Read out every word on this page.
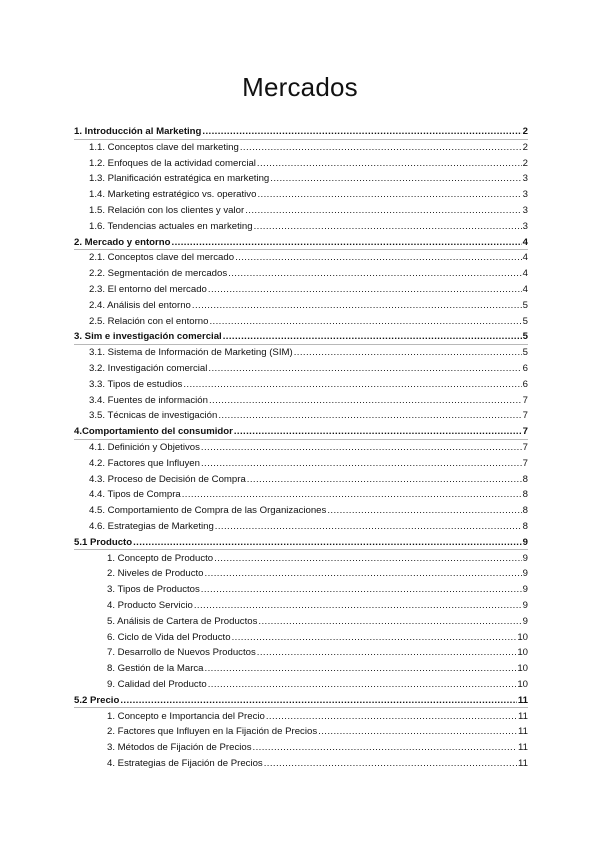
Mercados
1. Introducción al Marketing .....	2
1.1. Conceptos clave del marketing .....	2
1.2. Enfoques de la actividad comercial .....	2
1.3. Planificación estratégica en marketing .....	3
1.4. Marketing estratégico vs. operativo .....	3
1.5. Relación con los clientes y valor .....	3
1.6. Tendencias actuales en marketing .....	3
2. Mercado y entorno .....	4
2.1. Conceptos clave del mercado .....	4
2.2. Segmentación de mercados .....	4
2.3. El entorno del mercado .....	4
2.4. Análisis del entorno .....	5
2.5. Relación con el entorno .....	5
3. Sim e investigación comercial .....	5
3.1. Sistema de Información de Marketing (SIM) .....	5
3.2. Investigación comercial .....	6
3.3. Tipos de estudios .....	6
3.4. Fuentes de información .....	7
3.5. Técnicas de investigación .....	7
4.Comportamiento del consumidor .....	7
4.1. Definición y Objetivos .....	7
4.2. Factores que Influyen .....	7
4.3. Proceso de Decisión de Compra .....	8
4.4. Tipos de Compra .....	8
4.5. Comportamiento de Compra de las Organizaciones .....	8
4.6. Estrategias de Marketing .....	8
5.1 Producto .....	9
1. Concepto de Producto .....	9
2. Niveles de Producto .....	9
3. Tipos de Productos .....	9
4. Producto Servicio .....	9
5. Análisis de Cartera de Productos .....	9
6. Ciclo de Vida del Producto .....	10
7. Desarrollo de Nuevos Productos .....	10
8. Gestión de la Marca .....	10
9. Calidad del Producto .....	10
5.2 Precio .....	11
1. Concepto e Importancia del Precio .....	11
2. Factores que Influyen en la Fijación de Precios .....	11
3. Métodos de Fijación de Precios .....	11
4. Estrategias de Fijación de Precios .....	11
